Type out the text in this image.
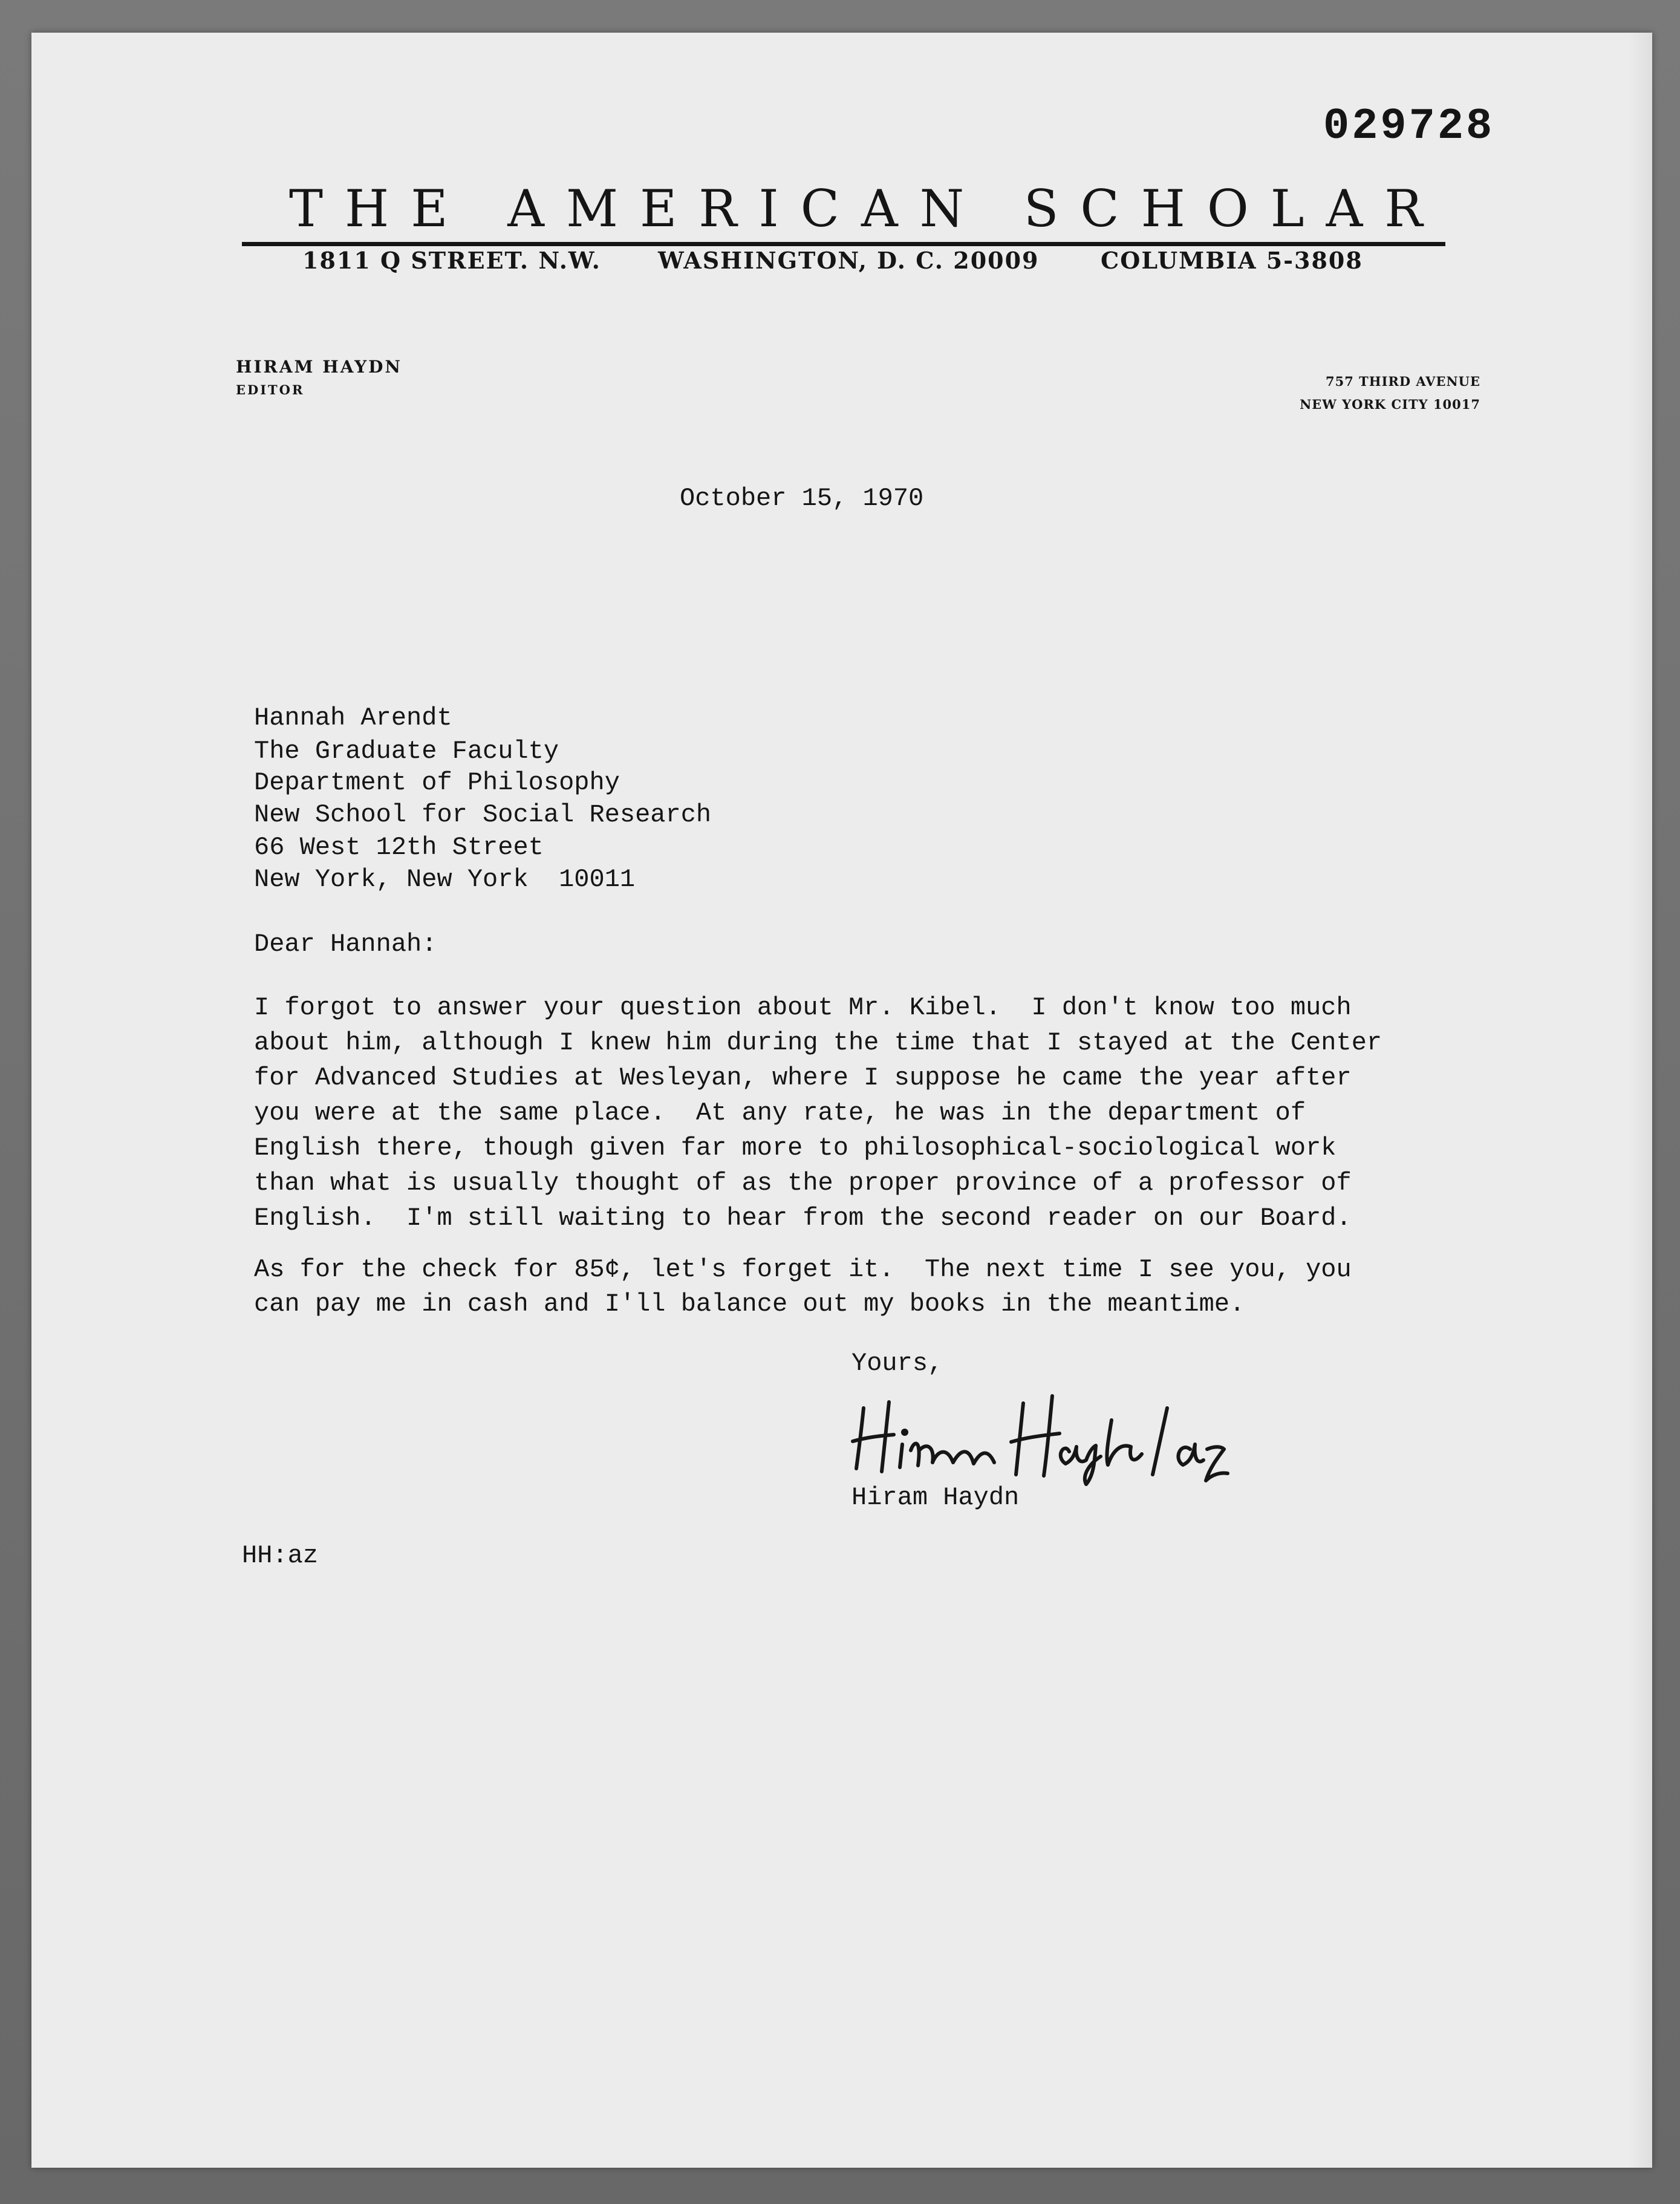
029728
THE AMERICAN SCHOLAR
1811 Q STREET. N.W. WASHINGTON, D. C. 20009	COLUMBIA 5-3808
HIRAM HAYDN
EDITOR
757 THIRD AVENUE
NEW YORK CITY 10017
October 15, 1970
Hannah Arendt
The Graduate Faculty
Department of Philosophy
New School for Social Research
66 West 12th Street
New York, New York  10011
Dear Hannah:
I forgot to answer your question about Mr. Kibel.  I don't know too much
about him, although I knew him during the time that I stayed at the Center
for Advanced Studies at Wesleyan, where I suppose he came the year after
you were at the same place.  At any rate, he was in the department of
English there, though given far more to philosophical-sociological work
than what is usually thought of as the proper province of a professor of
English.  I'm still waiting to hear from the second reader on our Board.
As for the check for 85¢, let's forget it.  The next time I see you, you
can pay me in cash and I'll balance out my books in the meantime.
Yours,
Hiram Haydn
HH:az
